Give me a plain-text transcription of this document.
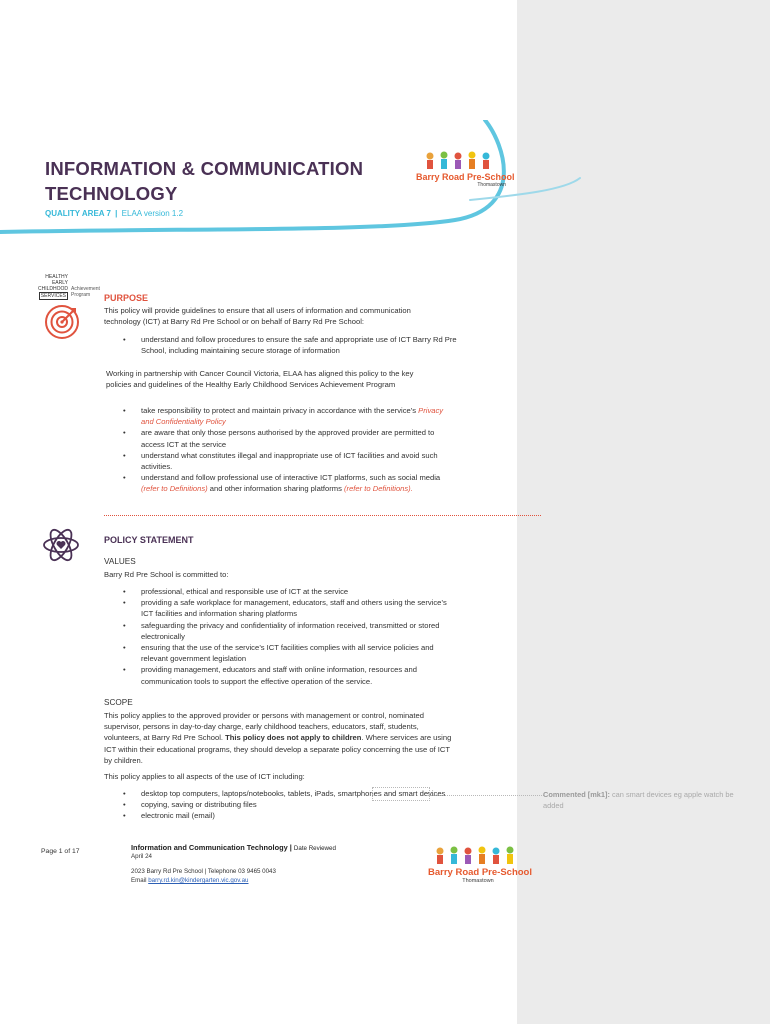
INFORMATION & COMMUNICATION
TECHNOLOGY
QUALITY AREA 7 | ELAA version 1.2
Barry Road Pre-School
Thomastown
HEALTHY
EARLY
CHILDHOOD
SERVICES
Achievement
Program	PURPOSE
This policy will provide guidelines to ensure that all users of information and communication
technology (ICT) at Barry Rd Pre School or on behalf of Barry Rd Pre School:
• understand and follow procedures to ensure the safe and appropriate use of ICT Barry Rd Pre
School, including maintaining secure storage of information
Working in partnership with Cancer Council Victoria, ELAA has aligned this policy to the key
policies and guidelines of the Healthy Early Childhood Services Achievement Program
• take responsibility to protect and maintain privacy in accordance with the service’s Privacy
and Confidentiality Policy
• are aware that only those persons authorised by the approved provider are permitted to
access ICT at the service
• understand what constitutes illegal and inappropriate use of ICT facilities and avoid such
activities.
• understand and follow professional use of interactive ICT platforms, such as social media
(refer to Definitions) and other information sharing platforms (refer to Definitions).
POLICY STATEMENT
VALUES
Barry Rd Pre School is committed to:
• professional, ethical and responsible use of ICT at the service
• providing a safe workplace for management, educators, staff and others using the service’s
ICT facilities and information sharing platforms
• safeguarding the privacy and confidentiality of information received, transmitted or stored
electronically
• ensuring that the use of the service’s ICT facilities complies with all service policies and
relevant government legislation
• providing management, educators and staff with online information, resources and
communication tools to support the effective operation of the service.
SCOPE
This policy applies to the approved provider or persons with management or control, nominated
supervisor, persons in day-to-day charge, early childhood teachers, educators, staff, students,
volunteers, at Barry Rd Pre School. This policy does not apply to children. Where services are using
ICT within their educational programs, they should develop a separate policy concerning the use of ICT
by children.
This policy applies to all aspects of the use of ICT including:
• desktop top computers, laptops/notebooks, tablets, iPads, smartphones and smart devices
• copying, saving or distributing files
• electronic mail (email)
Commented [mk1]: can smart devices eg apple watch be
added
Page 1 of 17	Information and Communication Technology | Date Reviewed
April 24
2023 Barry Rd Pre School | Telephone 03 9465 0043
Email barry.rd.kin@kindergarten.vic.gov.au
Barry Road Pre-School
Thomastown
